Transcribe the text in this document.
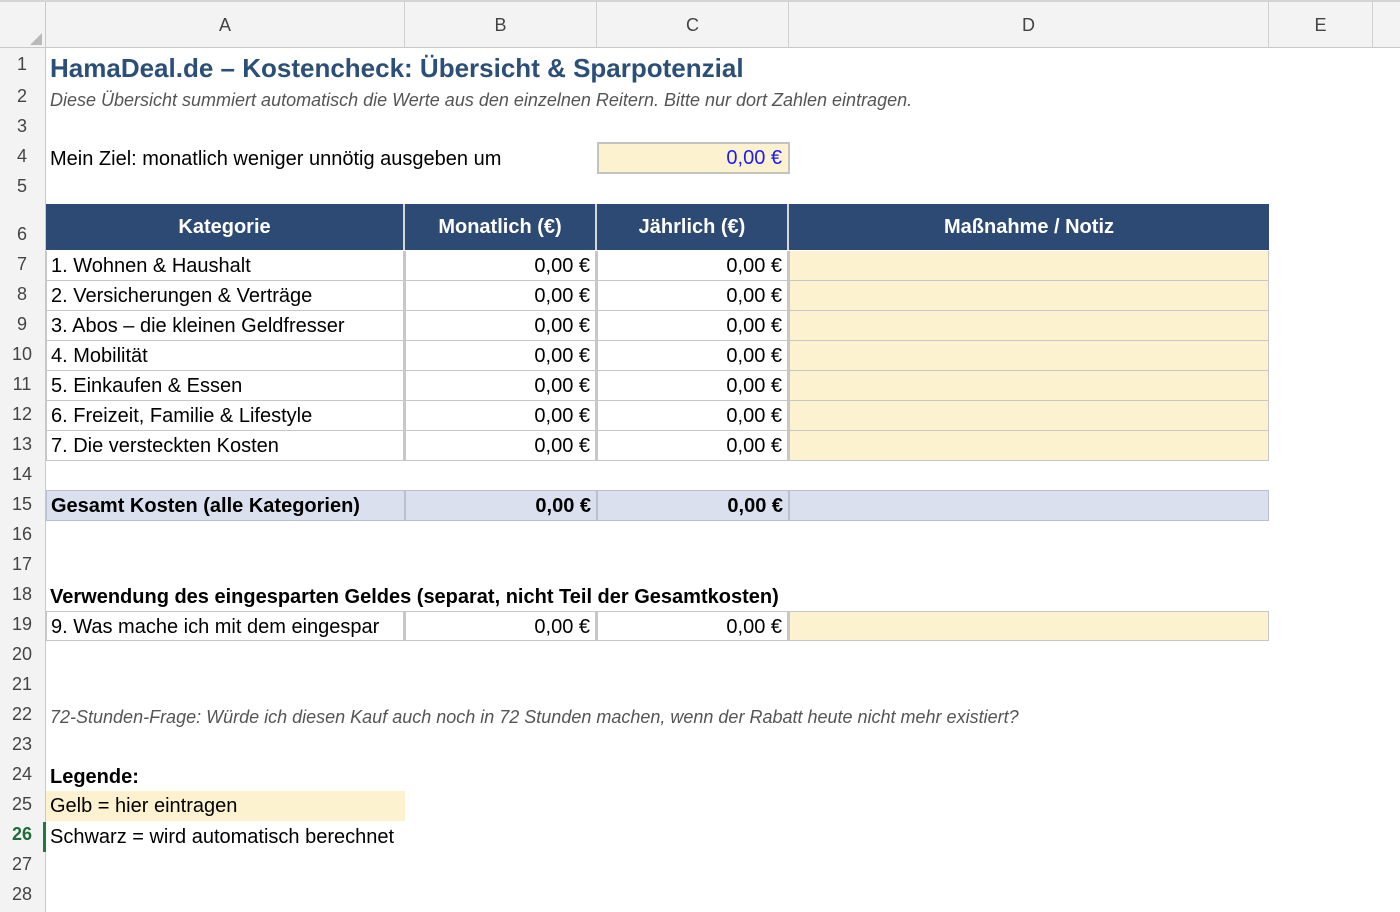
A	B	C	D	E
1
2
3
4
5
6
7
8
9
10
11
12
13
14
15
16
17
18
19
20
21
22
23
24
25
26
27
28
HamaDeal.de – Kostencheck: Übersicht & Sparpotenzial
Diese Übersicht summiert automatisch die Werte aus den einzelnen Reitern. Bitte nur dort Zahlen eintragen.
Mein Ziel: monatlich weniger unnötig ausgeben um	0,00 €
Kategorie	Monatlich (€)	Jährlich (€)	Maßnahme / Notiz
1. Wohnen & Haushalt	0,00 €	0,00 €
2. Versicherungen & Verträge	0,00 €	0,00 €
3. Abos – die kleinen Geldfresser	0,00 €	0,00 €
4. Mobilität	0,00 €	0,00 €
5. Einkaufen & Essen	0,00 €	0,00 €
6. Freizeit, Familie & Lifestyle	0,00 €	0,00 €
7. Die versteckten Kosten	0,00 €	0,00 €
Gesamt Kosten (alle Kategorien)	0,00 €	0,00 €
Verwendung des eingesparten Geldes (separat, nicht Teil der Gesamtkosten)
9. Was mache ich mit dem eingespar	0,00 €	0,00 €
72-Stunden-Frage: Würde ich diesen Kauf auch noch in 72 Stunden machen, wenn der Rabatt heute nicht mehr existiert?
Legende:
Gelb = hier eintragen
Schwarz = wird automatisch berechnet
